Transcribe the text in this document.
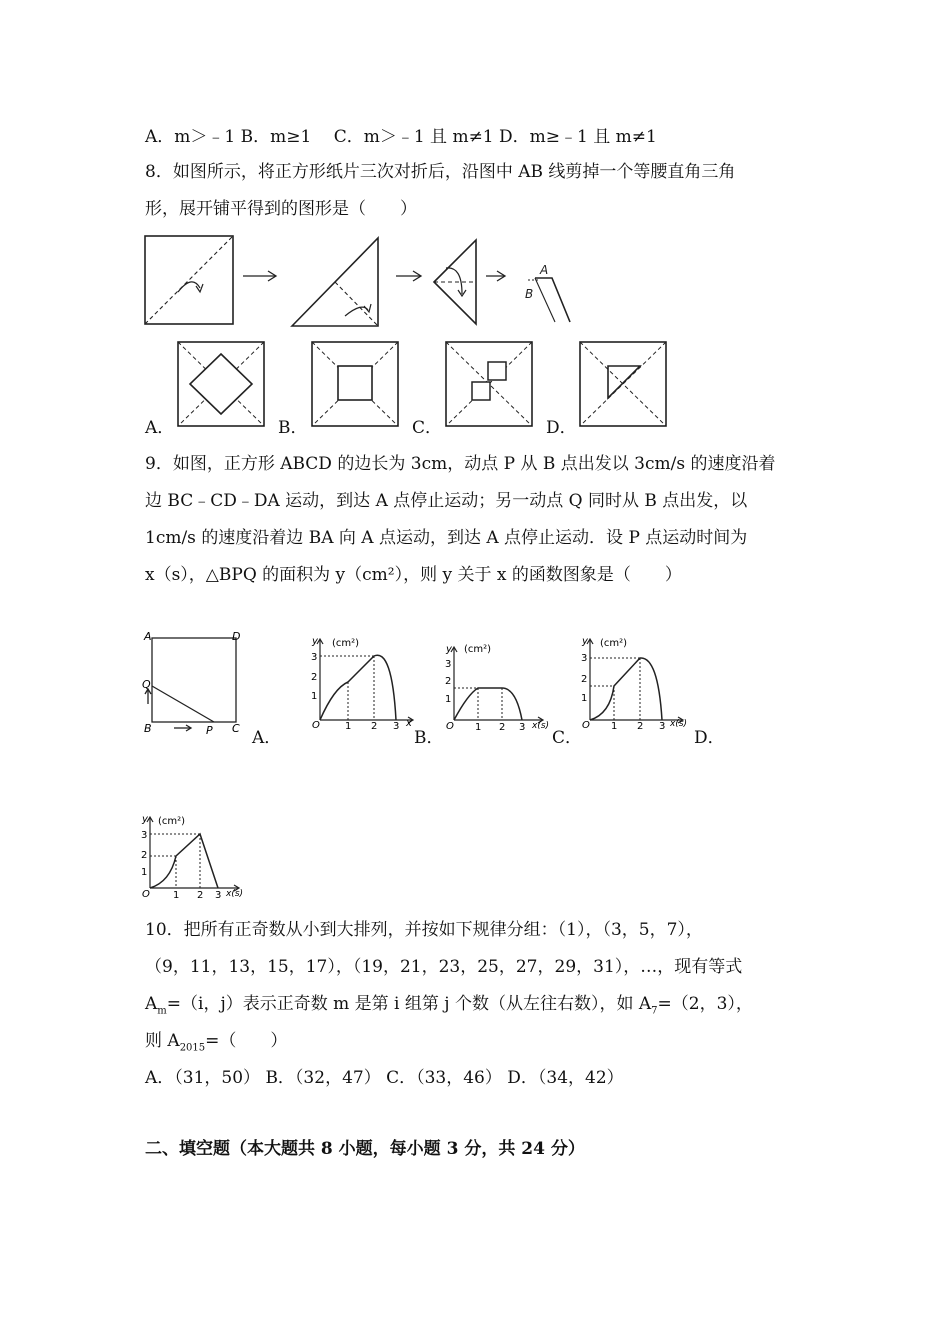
A．m＞﹣1 B．m≥1　 C．m＞﹣1 且 m≠1 D．m≥﹣1 且 m≠1
8．如图所示，将正方形纸片三次对折后，沿图中 AB 线剪掉一个等腰直角三角
形，展开铺平得到的图形是（　　）
A
B
A．	B．	C．	D．
9．如图，正方形 ABCD 的边长为 3cm，动点 P 从 B 点出发以 3cm/s 的速度沿着
边 BC﹣CD﹣DA 运动，到达 A 点停止运动；另一动点 Q 同时从 B 点出发，以
1cm/s 的速度沿着边 BA 向 A 点运动，到达 A 点停止运动．设 P 点运动时间为
x（s），△BPQ 的面积为 y（cm²），则 y 关于 x 的函数图象是（　　）
A	D
Q
B	P C A．
y (cm²)
3
2
1
O	1 2 3 x
B．
y (cm²)
3
2
1
O 1 2 3 x(s)
C．
y (cm²)
3
2
1
O 1 2 3 x(s)
D．
y (cm²)
3
2
1
O 1 2 3 x(s)
10．把所有正奇数从小到大排列，并按如下规律分组：（1），（3，5，7），
（9，11，13，15，17），（19，21，23，25，27，29，31），…，现有等式
$A_m=(i$，j）表示正奇数 m 是第 i 组第 j 个数（从左往右数），如 $A_7=(2$，3），
则 $A_{2015}=$（　　）
A．（31，50） B．（32，47） C．（33，46） D．（34，42）
二、填空题（本大题共 8 小题，每小题 3 分，共 24 分）
